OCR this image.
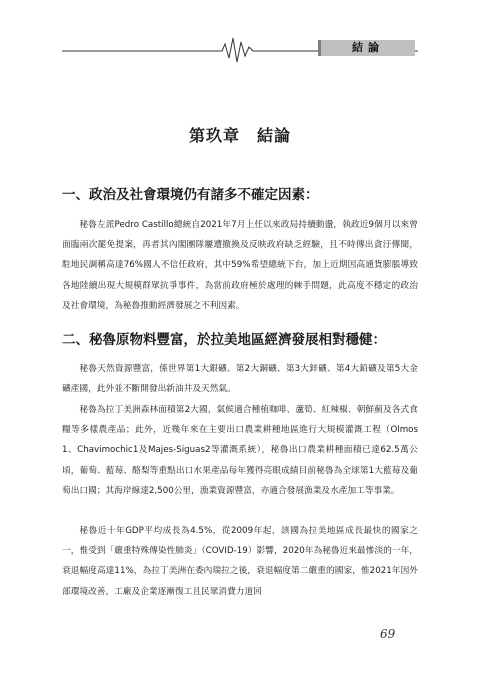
結論
第玖章　結論
一、政治及社會環境仍有諸多不確定因素：

秘魯左派Pedro Castillo總統自2021年7月上任以來政局持續動盪，執政近9個月以來曾面臨兩次罷免提案，再者其內閣團隊屢遭撤換及反映政府缺乏經驗，且不時傳出貪汙傳聞，駐地民調稱高達76%國人不信任政府，其中59%希望總統下台，加上近期因高通貨膨脹導致各地陸續出現大規模群眾抗爭事件，為當前政府極於處理的棘手問題，此高度不穩定的政治及社會環境，為秘魯推動經濟發展之不利因素。

二、秘魯原物料豐富，於拉美地區經濟發展相對穩健：

秘魯天然資源豐富，係世界第1大銀礦、第2大銅礦、第3大鋅礦、第4大鉛礦及第5大金礦產國，此外並不斷開發出新油井及天然氣。

秘魯為拉丁美洲森林面積第2大國，氣候適合種植咖啡、蘆筍、紅辣椒、朝鮮薊及各式食糧等多樣農產品；此外，近幾年來在主要出口農業耕種地區進行大規模灌溉工程（Olmos 1、Chavimochic1及Majes-Siguas2等灌溉系統），秘魯出口農業耕種面積已達62.5萬公頃，葡萄、藍莓、酪梨等重點出口水果產品每年獲得亮眼成績目前秘魯為全球第1大藍莓及葡萄出口國；其海岸線達2,500公里，漁業資源豐富，亦適合發展漁業及水產加工等事業。

秘魯近十年GDP平均成長為4.5%，從2009年起，該國為拉美地區成長最快的國家之一，惟受到「嚴重特殊傳染性肺炎」（COVID-19）影響，2020年為秘魯近來最慘淡的一年，衰退幅度高達11%，為拉丁美洲在委內瑞拉之後，衰退幅度第二嚴重的國家，惟2021年因外部環境改善，工廠及企業逐漸復工且民眾消費力道回

69
